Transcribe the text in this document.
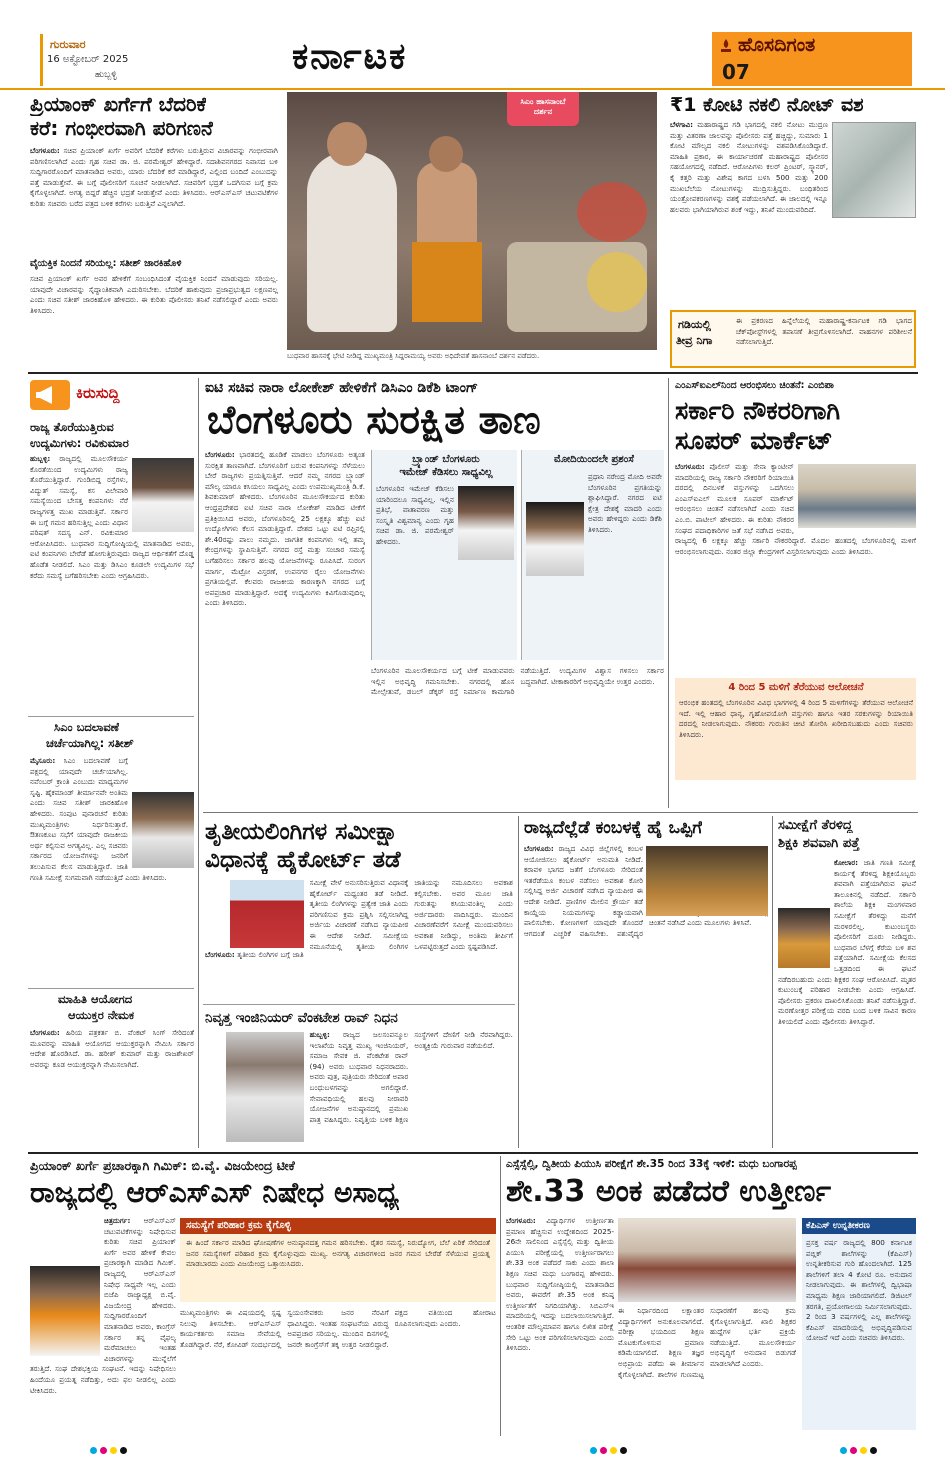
ಗುರುವಾರ
16 ಅಕ್ಟೋಬರ್ 2025
ಹುಬ್ಬಳ್ಳಿ	ಕರ್ನಾಟಕ	ಹೊಸದಿಗಂತ
07
ಪ್ರಿಯಾಂಕ್ ಖರ್ಗೆಗೆ ಬೆದರಿಕೆ
ಕರೆ: ಗಂಭೀರವಾಗಿ ಪರಿಗಣನೆ
ಬೆಂಗಳೂರು: ಸಚಿವ ಪ್ರಿಯಾಂಕ್ ಖರ್ಗೆ ಅವರಿಗೆ ಬೆದರಿಕೆ ಕರೆಗಳು ಬರುತ್ತಿರುವ ವಿಚಾರವನ್ನು ಗಂಭೀರವಾಗಿ ಪರಿಗಣಿಸಲಾಗಿದೆ ಎಂದು ಗೃಹ ಸಚಿವ ಡಾ. ಜಿ. ಪರಮೇಶ್ವರ್ ಹೇಳಿದ್ದಾರೆ. ಸದಾಶಿವನಗರದ ನಿವಾಸದ ಬಳಿ ಸುದ್ದಿಗಾರರೊಂದಿಗೆ ಮಾತನಾಡಿದ ಅವರು, ಯಾರು ಬೆದರಿಕೆ ಕರೆ ಮಾಡಿದ್ದಾರೆ, ಎಲ್ಲಿಂದ ಬಂದಿದೆ ಎಂಬುದನ್ನು ಪತ್ತೆ ಮಾಡುತ್ತೇವೆ. ಈ ಬಗ್ಗೆ ಪೊಲೀಸರಿಗೆ ಸೂಚನೆ ನೀಡಲಾಗಿದೆ. ಸಚಿವರಿಗೆ ಭದ್ರತೆ ಒದಗಿಸುವ ಬಗ್ಗೆ ಕ್ರಮ ಕೈಗೊಳ್ಳಲಾಗಿದೆ. ಅಗತ್ಯ ಬಿದ್ದರೆ ಹೆಚ್ಚಿನ ಭದ್ರತೆ ನೀಡುತ್ತೇವೆ ಎಂದು ತಿಳಿಸಿದರು. ಆರ್‌ಎಸ್‌ಎಸ್ ಚಟುವಟಿಕೆಗಳ ಕುರಿತು ಸಚಿವರು ಬರೆದ ಪತ್ರದ ಬಳಿಕ ಕರೆಗಳು ಬರುತ್ತಿವೆ ಎನ್ನಲಾಗಿದೆ.
ವೈಯಕ್ತಿಕ ನಿಂದನೆ ಸರಿಯಲ್ಲ: ಸತೀಶ್ ಜಾರಕಿಹೊಳಿ
ಸಚಿವ ಪ್ರಿಯಾಂಕ್ ಖರ್ಗೆ ಅವರ ಹೇಳಿಕೆಗೆ ಸಂಬಂಧಿಸಿದಂತೆ ವೈಯಕ್ತಿಕ ನಿಂದನೆ ಮಾಡುವುದು ಸರಿಯಲ್ಲ. ಯಾವುದೇ ವಿಚಾರವನ್ನು ಸೈದ್ಧಾಂತಿಕವಾಗಿ ಎದುರಿಸಬೇಕು. ಬೆದರಿಕೆ ಹಾಕುವುದು ಪ್ರಜಾಪ್ರಭುತ್ವದ ಲಕ್ಷಣವಲ್ಲ ಎಂದು ಸಚಿವ ಸತೀಶ್ ಜಾರಕಿಹೊಳಿ ಹೇಳಿದರು. ಈ ಕುರಿತು ಪೊಲೀಸರು ತನಿಖೆ ನಡೆಸಲಿದ್ದಾರೆ ಎಂದು ಅವರು ತಿಳಿಸಿದರು.
ಸಿಎಂ ಹಾಸನಾಂಬೆ
ದರ್ಶನ
ಬುಧವಾರ ಹಾಸನಕ್ಕೆ ಭೇಟಿ ನೀಡಿದ್ದ ಮುಖ್ಯಮಂತ್ರಿ ಸಿದ್ದರಾಮಯ್ಯ ಅವರು ಅಧಿದೇವತೆ ಹಾಸನಾಂಬೆ ದರ್ಶನ ಪಡೆದರು.
₹1 ಕೋಟಿ ನಕಲಿ ನೋಟ್ ವಶ
ಬೆಳಗಾವಿ: ಮಹಾರಾಷ್ಟ್ರದ ಗಡಿ ಭಾಗದಲ್ಲಿ ನಕಲಿ ನೋಟು ಮುದ್ರಣ ಮತ್ತು ವಿತರಣಾ ಜಾಲವನ್ನು ಪೊಲೀಸರು ಪತ್ತೆ ಹಚ್ಚಿದ್ದು, ಸುಮಾರು 1 ಕೋಟಿ ಮೌಲ್ಯದ ನಕಲಿ ನೋಟುಗಳನ್ನು ವಶಪಡಿಸಿಕೊಂಡಿದ್ದಾರೆ. ಮಾಹಿತಿ ಪ್ರಕಾರ, ಈ ಕಾರ್ಯಾಚರಣೆ ಮಹಾರಾಷ್ಟ್ರದ ಪೊಲೀಸರ ಸಹಯೋಗದಲ್ಲಿ ನಡೆದಿದೆ. ಆರೋಪಿಗಳು ಕಲರ್ ಪ್ರಿಂಟರ್, ಸ್ಕ್ಯಾನರ್, ಕೈ ಕತ್ತರಿ ಮತ್ತು ವಿಶೇಷ ಕಾಗದ ಬಳಸಿ 500 ಮತ್ತು 200 ಮುಖಬೆಲೆಯ ನೋಟುಗಳನ್ನು ಮುದ್ರಿಸುತ್ತಿದ್ದರು. ಬಂಧಿತರಿಂದ ಯಂತ್ರೋಪಕರಣಗಳನ್ನು ವಶಕ್ಕೆ ಪಡೆಯಲಾಗಿದೆ. ಈ ಜಾಲದಲ್ಲಿ ಇನ್ನೂ ಹಲವರು ಭಾಗಿಯಾಗಿರುವ ಶಂಕೆ ಇದ್ದು, ತನಿಖೆ ಮುಂದುವರಿದಿದೆ.
ಗಡಿಯಲ್ಲಿ
ತೀವ್ರ ನಿಗಾ
ಈ ಪ್ರಕರಣದ ಹಿನ್ನೆಲೆಯಲ್ಲಿ ಮಹಾರಾಷ್ಟ್ರ-ಕರ್ನಾಟಕ ಗಡಿ ಭಾಗದ ಚೆಕ್‌ಪೋಸ್ಟ್‌ಗಳಲ್ಲಿ ತಪಾಸಣೆ ತೀವ್ರಗೊಳಿಸಲಾಗಿದೆ. ವಾಹನಗಳ ಪರಿಶೀಲನೆ ನಡೆಸಲಾಗುತ್ತಿದೆ.
ಕಿರುಸುದ್ದಿ
ರಾಜ್ಯ ತೊರೆಯುತ್ತಿರುವ
ಉದ್ಯಮಿಗಳು: ರವಿಕುಮಾರ
ಹುಬ್ಬಳ್ಳಿ: ರಾಜ್ಯದಲ್ಲಿ ಮೂಲಸೌಕರ್ಯ ಕೊರತೆಯಿಂದ ಉದ್ಯಮಿಗಳು ರಾಜ್ಯ ತೊರೆಯುತ್ತಿದ್ದಾರೆ. ಗುಂಡಿಬಿದ್ದ ರಸ್ತೆಗಳು, ವಿದ್ಯುತ್ ಸಮಸ್ಯೆ, ಕಸ ವಿಲೇವಾರಿ ಸಮಸ್ಯೆಯಿಂದ ಬೇಸತ್ತ ಕಂಪನಿಗಳು ನೆರೆ ರಾಜ್ಯಗಳತ್ತ ಮುಖ ಮಾಡುತ್ತಿವೆ. ಸರ್ಕಾರ ಈ ಬಗ್ಗೆ ಗಮನ ಹರಿಸುತ್ತಿಲ್ಲ ಎಂದು ವಿಧಾನ ಪರಿಷತ್ ಸದಸ್ಯ ಎನ್. ರವಿಕುಮಾರ ಆರೋಪಿಸಿದರು. ಬುಧವಾರ ಸುದ್ದಿಗೋಷ್ಠಿಯಲ್ಲಿ ಮಾತನಾಡಿದ ಅವರು, ಐಟಿ ಕಂಪನಿಗಳು ಬೇರೆಡೆ ಹೋಗುತ್ತಿರುವುದು ರಾಜ್ಯದ ಆರ್ಥಿಕತೆಗೆ ದೊಡ್ಡ ಹೊಡೆತ ನೀಡಲಿದೆ. ಸಿಎಂ ಮತ್ತು ಡಿಸಿಎಂ ಕೂಡಲೇ ಉದ್ಯಮಿಗಳ ಸಭೆ ಕರೆದು ಸಮಸ್ಯೆ ಬಗೆಹರಿಸಬೇಕು ಎಂದು ಆಗ್ರಹಿಸಿದರು.
ಸಿಎಂ ಬದಲಾವಣೆ
ಚರ್ಚೆಯಾಗಿಲ್ಲ: ಸತೀಶ್
ಮೈಸೂರು: ಸಿಎಂ ಬದಲಾವಣೆ ಬಗ್ಗೆ ಪಕ್ಷದಲ್ಲಿ ಯಾವುದೇ ಚರ್ಚೆಯಾಗಿಲ್ಲ. ನವೆಂಬರ್ ಕ್ರಾಂತಿ ಎಂಬುದು ಮಾಧ್ಯಮಗಳ ಸೃಷ್ಟಿ. ಹೈಕಮಾಂಡ್ ತೀರ್ಮಾನವೇ ಅಂತಿಮ ಎಂದು ಸಚಿವ ಸತೀಶ್ ಜಾರಕಿಹೊಳಿ ಹೇಳಿದರು. ಸಂಪುಟ ಪುನಾರಚನೆ ಕುರಿತು ಮುಖ್ಯಮಂತ್ರಿಗಳು ನಿರ್ಧರಿಸುತ್ತಾರೆ. ಔತಣಕೂಟ ಸಭೆಗೆ ಯಾವುದೇ ರಾಜಕೀಯ ಅರ್ಥ ಕಲ್ಪಿಸುವ ಅಗತ್ಯವಿಲ್ಲ. ಎಲ್ಲ ಸಚಿವರು ಸರ್ಕಾರದ ಯೋಜನೆಗಳನ್ನು ಜನರಿಗೆ ತಲುಪಿಸುವ ಕೆಲಸ ಮಾಡುತ್ತಿದ್ದಾರೆ. ಜಾತಿ ಗಣತಿ ಸಮೀಕ್ಷೆ ಸುಗಮವಾಗಿ ನಡೆಯುತ್ತಿದೆ ಎಂದು ತಿಳಿಸಿದರು.
ಮಾಹಿತಿ ಆಯೋಗದ
ಆಯುಕ್ತರ ನೇಮಕ
ಬೆಂಗಳೂರು: ಹಿರಿಯ ಪತ್ರಕರ್ತ ಬಿ. ವೆಂಕಟ್ ಸಿಂಗ್ ಸೇರಿದಂತೆ ಮೂವರನ್ನು ಮಾಹಿತಿ ಆಯೋಗದ ಆಯುಕ್ತರನ್ನಾಗಿ ನೇಮಿಸಿ ಸರ್ಕಾರ ಆದೇಶ ಹೊರಡಿಸಿದೆ. ಡಾ. ಹರೀಶ್ ಕುಮಾರ್ ಮತ್ತು ರಾಜಶೇಖರ್ ಅವರನ್ನು ಕೂಡ ಆಯುಕ್ತರನ್ನಾಗಿ ನೇಮಿಸಲಾಗಿದೆ.
ಐಟಿ ಸಚಿವ ನಾರಾ ಲೋಕೇಶ್ ಹೇಳಿಕೆಗೆ ಡಿಸಿಎಂ ಡಿಕೆಶಿ ಟಾಂಗ್
ಬೆಂಗಳೂರು ಸುರಕ್ಷಿತ ತಾಣ
ಬೆಂಗಳೂರು: ಭಾರತದಲ್ಲಿ ಹೂಡಿಕೆ ಮಾಡಲು ಬೆಂಗಳೂರು ಅತ್ಯಂತ ಸುರಕ್ಷಿತ ತಾಣವಾಗಿದೆ. ಬೆಂಗಳೂರಿಗೆ ಬರುವ ಕಂಪನಿಗಳನ್ನು ಸೆಳೆಯಲು ಬೇರೆ ರಾಜ್ಯಗಳು ಪ್ರಯತ್ನಿಸುತ್ತಿವೆ. ಆದರೆ ನಮ್ಮ ನಗರದ ಬ್ರ್ಯಾಂಡ್ ಮೌಲ್ಯ ಯಾರೂ ಕಸಿಯಲು ಸಾಧ್ಯವಿಲ್ಲ ಎಂದು ಉಪಮುಖ್ಯಮಂತ್ರಿ ಡಿ.ಕೆ. ಶಿವಕುಮಾರ್ ಹೇಳಿದರು. ಬೆಂಗಳೂರಿನ ಮೂಲಸೌಕರ್ಯದ ಕುರಿತು ಆಂಧ್ರಪ್ರದೇಶದ ಐಟಿ ಸಚಿವ ನಾರಾ ಲೋಕೇಶ್ ಮಾಡಿದ ಟೀಕೆಗೆ ಪ್ರತಿಕ್ರಿಯಿಸಿದ ಅವರು, ಬೆಂಗಳೂರಿನಲ್ಲಿ 25 ಲಕ್ಷಕ್ಕೂ ಹೆಚ್ಚು ಐಟಿ ಉದ್ಯೋಗಿಗಳು ಕೆಲಸ ಮಾಡುತ್ತಿದ್ದಾರೆ. ದೇಶದ ಒಟ್ಟು ಐಟಿ ರಫ್ತಿನಲ್ಲಿ ಶೇ.40ರಷ್ಟು ಪಾಲು ನಮ್ಮದು. ಜಾಗತಿಕ ಕಂಪನಿಗಳು ಇಲ್ಲಿ ತಮ್ಮ ಕೇಂದ್ರಗಳನ್ನು ಸ್ಥಾಪಿಸುತ್ತಿವೆ. ನಗರದ ರಸ್ತೆ ಮತ್ತು ಸಂಚಾರ ಸಮಸ್ಯೆ ಬಗೆಹರಿಸಲು ಸರ್ಕಾರ ಹಲವು ಯೋಜನೆಗಳನ್ನು ರೂಪಿಸಿದೆ. ಸುರಂಗ ಮಾರ್ಗ, ಮೆಟ್ರೋ ವಿಸ್ತರಣೆ, ಉಪನಗರ ರೈಲು ಯೋಜನೆಗಳು ಪ್ರಗತಿಯಲ್ಲಿವೆ. ಕೆಲವರು ರಾಜಕೀಯ ಕಾರಣಕ್ಕಾಗಿ ನಗರದ ಬಗ್ಗೆ ಅಪಪ್ರಚಾರ ಮಾಡುತ್ತಿದ್ದಾರೆ. ಅದಕ್ಕೆ ಉದ್ಯಮಿಗಳು ಕಿವಿಗೊಡುವುದಿಲ್ಲ ಎಂದು ತಿಳಿಸಿದರು.
ಬ್ರ್ಯಾಂಡ್ ಬೆಂಗಳೂರು
ಇಮೇಜ್ ಕೆಡಿಸಲು ಸಾಧ್ಯವಿಲ್ಲ
ಬೆಂಗಳೂರಿನ ಇಮೇಜ್ ಕೆಡಿಸಲು ಯಾರಿಂದಲೂ ಸಾಧ್ಯವಿಲ್ಲ. ಇಲ್ಲಿನ ಪ್ರತಿಭೆ, ವಾತಾವರಣ ಮತ್ತು ಸಂಸ್ಕೃತಿ ವಿಶ್ವಮಾನ್ಯ ಎಂದು ಗೃಹ ಸಚಿವ ಡಾ. ಜಿ. ಪರಮೇಶ್ವರ್ ಹೇಳಿದರು.
ಮೋದಿಯಿಂದಲೇ ಪ್ರಶಂಸೆ
ಪ್ರಧಾನಿ ನರೇಂದ್ರ ಮೋದಿ ಅವರೇ ಬೆಂಗಳೂರಿನ ಪ್ರಗತಿಯನ್ನು ಶ್ಲಾಘಿಸಿದ್ದಾರೆ. ನಗರದ ಐಟಿ ಕ್ಷೇತ್ರ ದೇಶಕ್ಕೆ ಮಾದರಿ ಎಂದು ಅವರು ಹೇಳಿದ್ದರು ಎಂದು ಡಿಕೆಶಿ ತಿಳಿಸಿದರು.
ಬೆಂಗಳೂರಿನ ಮೂಲಸೌಕರ್ಯದ ಬಗ್ಗೆ ಟೀಕೆ ಮಾಡುವವರು ಇಲ್ಲಿನ ಅಭಿವೃದ್ಧಿ ಗಮನಿಸಬೇಕು. ನಗರದಲ್ಲಿ ಹೊಸ ಮೇಲ್ಸೇತುವೆ, ಡಬಲ್ ಡೆಕ್ಕರ್ ರಸ್ತೆ ನಿರ್ಮಾಣ ಕಾಮಗಾರಿ ನಡೆಯುತ್ತಿದೆ. ಉದ್ಯಮಿಗಳ ವಿಶ್ವಾಸ ಗಳಿಸಲು ಸರ್ಕಾರ ಬದ್ಧವಾಗಿದೆ. ಟೀಕಾಕಾರರಿಗೆ ಅಭಿವೃದ್ಧಿಯೇ ಉತ್ತರ ಎಂದರು.
ಎಂಎಸ್‌ಐಎಲ್‌ನಿಂದ ಆರಂಭಿಸಲು ಚಿಂತನೆ: ಎಂಬಿಪಾ
ಸರ್ಕಾರಿ ನೌಕರರಿಗಾಗಿ
ಸೂಪರ್ ಮಾರ್ಕೆಟ್
ಬೆಂಗಳೂರು: ಪೊಲೀಸ್ ಮತ್ತು ಸೇನಾ ಕ್ಯಾಂಟೀನ್ ಮಾದರಿಯಲ್ಲಿ ರಾಜ್ಯ ಸರ್ಕಾರಿ ನೌಕರರಿಗೆ ರಿಯಾಯಿತಿ ದರದಲ್ಲಿ ದಿನಬಳಕೆ ವಸ್ತುಗಳನ್ನು ಒದಗಿಸಲು ಎಂಎಸ್‌ಐಎಲ್ ಮೂಲಕ ಸೂಪರ್ ಮಾರ್ಕೆಟ್ ಆರಂಭಿಸಲು ಚಿಂತನೆ ನಡೆಸಲಾಗಿದೆ ಎಂದು ಸಚಿವ ಎಂ.ಬಿ. ಪಾಟೀಲ್ ಹೇಳಿದರು. ಈ ಕುರಿತು ನೌಕರರ ಸಂಘದ ಪದಾಧಿಕಾರಿಗಳ ಜತೆ ಸಭೆ ನಡೆಸಿದ ಅವರು, ರಾಜ್ಯದಲ್ಲಿ 6 ಲಕ್ಷಕ್ಕೂ ಹೆಚ್ಚು ಸರ್ಕಾರಿ ನೌಕರರಿದ್ದಾರೆ. ಮೊದಲ ಹಂತದಲ್ಲಿ ಬೆಂಗಳೂರಿನಲ್ಲಿ ಮಳಿಗೆ ಆರಂಭಿಸಲಾಗುವುದು. ನಂತರ ಜಿಲ್ಲಾ ಕೇಂದ್ರಗಳಿಗೆ ವಿಸ್ತರಿಸಲಾಗುವುದು ಎಂದು ತಿಳಿಸಿದರು.
4 ರಿಂದ 5 ಮಳಿಗೆ ತೆರೆಯುವ ಆಲೋಚನೆ
ಆರಂಭಿಕ ಹಂತದಲ್ಲಿ ಬೆಂಗಳೂರಿನ ವಿವಿಧ ಭಾಗಗಳಲ್ಲಿ 4 ರಿಂದ 5 ಮಳಿಗೆಗಳನ್ನು ತೆರೆಯುವ ಆಲೋಚನೆ ಇದೆ. ಇಲ್ಲಿ ಆಹಾರ ಧಾನ್ಯ, ಗೃಹೋಪಯೋಗಿ ವಸ್ತುಗಳು ಹಾಗೂ ಇತರ ಸರಕುಗಳನ್ನು ರಿಯಾಯಿತಿ ದರದಲ್ಲಿ ನೀಡಲಾಗುವುದು. ನೌಕರರು ಗುರುತಿನ ಚೀಟಿ ತೋರಿಸಿ ಖರೀದಿಸಬಹುದು ಎಂದು ಸಚಿವರು ತಿಳಿಸಿದರು.
ತೃತೀಯಲಿಂಗಿಗಳ ಸಮೀಕ್ಷಾ
ವಿಧಾನಕ್ಕೆ ಹೈಕೋರ್ಟ್ ತಡೆ
ಬೆಂಗಳೂರು: ತೃತೀಯ ಲಿಂಗಿಗಳ ಬಗ್ಗೆ ಜಾತಿ ಸಮೀಕ್ಷೆ ವೇಳೆ ಅನುಸರಿಸುತ್ತಿರುವ ವಿಧಾನಕ್ಕೆ ಹೈಕೋರ್ಟ್ ಮಧ್ಯಂತರ ತಡೆ ನೀಡಿದೆ. ತೃತೀಯ ಲಿಂಗಿಗಳನ್ನು ಪ್ರತ್ಯೇಕ ಜಾತಿ ಎಂದು ಪರಿಗಣಿಸುವ ಕ್ರಮ ಪ್ರಶ್ನಿಸಿ ಸಲ್ಲಿಸಲಾಗಿದ್ದ ಅರ್ಜಿಯ ವಿಚಾರಣೆ ನಡೆಸಿದ ನ್ಯಾಯಪೀಠ ಈ ಆದೇಶ ನೀಡಿದೆ. ಸಮೀಕ್ಷೆಯ ನಮೂನೆಯಲ್ಲಿ ತೃತೀಯ ಲಿಂಗಿಗಳ ಜಾತಿಯನ್ನು ನಮೂದಿಸಲು ಅವಕಾಶ ಕಲ್ಪಿಸಬೇಕು. ಅವರ ಮೂಲ ಜಾತಿ ಗುರುತನ್ನು ಕಸಿಯುವಂತಿಲ್ಲ ಎಂದು ಅರ್ಜಿದಾರರು ವಾದಿಸಿದ್ದರು. ಮುಂದಿನ ವಿಚಾರಣೆವರೆಗೆ ಸಮೀಕ್ಷೆ ಮುಂದುವರಿಸಲು ಅವಕಾಶ ನೀಡಿದ್ದು, ಅಂತಿಮ ತೀರ್ಪಿಗೆ ಒಳಪಟ್ಟಿರುತ್ತದೆ ಎಂದು ಸ್ಪಷ್ಟಪಡಿಸಿದೆ.
ನಿವೃತ್ತ ಇಂಜಿನಿಯರ್ ವೆಂಕಟೇಶ ರಾವ್ ನಿಧನ
ಹುಬ್ಬಳ್ಳಿ: ರಾಜ್ಯದ ಜಲಸಂಪನ್ಮೂಲ ಇಲಾಖೆಯ ನಿವೃತ್ತ ಮುಖ್ಯ ಇಂಜಿನಿಯರ್, ಸಮಾಜ ಸೇವಕ ಜಿ. ವೆಂಕಟೇಶ ರಾವ್ (94) ಅವರು ಬುಧವಾರ ನಿಧನರಾದರು. ಅವರು ಪುತ್ರ, ಪುತ್ರಿಯರು ಸೇರಿದಂತೆ ಅಪಾರ ಬಂಧುಬಳಗವನ್ನು ಅಗಲಿದ್ದಾರೆ. ಸೇವಾವಧಿಯಲ್ಲಿ ಹಲವು ನೀರಾವರಿ ಯೋಜನೆಗಳ ಅನುಷ್ಠಾನದಲ್ಲಿ ಪ್ರಮುಖ ಪಾತ್ರ ವಹಿಸಿದ್ದರು. ನಿವೃತ್ತಿಯ ಬಳಿಕ ಶಿಕ್ಷಣ ಸಂಸ್ಥೆಗಳಿಗೆ ದೇಣಿಗೆ ನೀಡಿ ನೆರವಾಗಿದ್ದರು. ಅಂತ್ಯಕ್ರಿಯೆ ಗುರುವಾರ ನಡೆಯಲಿದೆ.
ರಾಜ್ಯದೆಲ್ಲೆಡೆ ಕಂಬಳಕ್ಕೆ ಹೈ ಒಪ್ಪಿಗೆ
ಬೆಂಗಳೂರು: ರಾಜ್ಯದ ವಿವಿಧ ಜಿಲ್ಲೆಗಳಲ್ಲಿ ಕಂಬಳ ಆಯೋಜಿಸಲು ಹೈಕೋರ್ಟ್ ಅನುಮತಿ ನೀಡಿದೆ. ಕರಾವಳಿ ಭಾಗದ ಜತೆಗೆ ಬೆಂಗಳೂರು ಸೇರಿದಂತೆ ಇತರೆಡೆಯೂ ಕಂಬಳ ನಡೆಸಲು ಅವಕಾಶ ಕೋರಿ ಸಲ್ಲಿಸಿದ್ದ ಅರ್ಜಿ ವಿಚಾರಣೆ ನಡೆಸಿದ ನ್ಯಾಯಪೀಠ ಈ ಆದೇಶ ನೀಡಿದೆ. ಪ್ರಾಣಿಗಳ ಮೇಲಿನ ಕ್ರೌರ್ಯ ತಡೆ ಕಾಯ್ದೆಯ ನಿಯಮಗಳನ್ನು ಕಡ್ಡಾಯವಾಗಿ ಪಾಲಿಸಬೇಕು. ಕೋಣಗಳಿಗೆ ಯಾವುದೇ ತೊಂದರೆ ಆಗದಂತೆ ಎಚ್ಚರಿಕೆ ವಹಿಸಬೇಕು. ಪಶುವೈದ್ಯರ ಚಿಂತನೆ ನಡೆಸಿದೆ ಎಂದು ಮೂಲಗಳು ತಿಳಿಸಿವೆ.
ಸಮೀಕ್ಷೆಗೆ ತೆರಳಿದ್ದ
ಶಿಕ್ಷಕಿ ಶವವಾಗಿ ಪತ್ತೆ
ಕೋಲಾರ: ಜಾತಿ ಗಣತಿ ಸಮೀಕ್ಷೆ ಕಾರ್ಯಕ್ಕೆ ತೆರಳಿದ್ದ ಶಿಕ್ಷಕಿಯೊಬ್ಬರು ಶವವಾಗಿ ಪತ್ತೆಯಾಗಿರುವ ಘಟನೆ ತಾಲೂಕಿನಲ್ಲಿ ನಡೆದಿದೆ. ಸರ್ಕಾರಿ ಶಾಲೆಯ ಶಿಕ್ಷಕಿ ಮಂಗಳವಾರ ಸಮೀಕ್ಷೆಗೆ ತೆರಳಿದ್ದು ಮನೆಗೆ ಮರಳಿರಲಿಲ್ಲ. ಕುಟುಂಬಸ್ಥರು ಪೊಲೀಸರಿಗೆ ದೂರು ನೀಡಿದ್ದರು. ಬುಧವಾರ ಬೆಳಗ್ಗೆ ಕೆರೆಯ ಬಳಿ ಶವ ಪತ್ತೆಯಾಗಿದೆ. ಸಮೀಕ್ಷೆಯ ಕೆಲಸದ ಒತ್ತಡದಿಂದ ಈ ಘಟನೆ ನಡೆದಿರಬಹುದು ಎಂದು ಶಿಕ್ಷಕರ ಸಂಘ ಆರೋಪಿಸಿದೆ. ಮೃತರ ಕುಟುಂಬಕ್ಕೆ ಪರಿಹಾರ ನೀಡಬೇಕು ಎಂದು ಆಗ್ರಹಿಸಿದೆ. ಪೊಲೀಸರು ಪ್ರಕರಣ ದಾಖಲಿಸಿಕೊಂಡು ತನಿಖೆ ನಡೆಸುತ್ತಿದ್ದಾರೆ. ಮರಣೋತ್ತರ ಪರೀಕ್ಷೆಯ ವರದಿ ಬಂದ ಬಳಿಕ ಸಾವಿನ ಕಾರಣ ತಿಳಿಯಲಿದೆ ಎಂದು ಪೊಲೀಸರು ತಿಳಿಸಿದ್ದಾರೆ.
ಪ್ರಿಯಾಂಕ್ ಖರ್ಗೆ ಪ್ರಚಾರಕ್ಕಾಗಿ ಗಿಮಿಕ್: ಬಿ.ವೈ. ವಿಜಯೇಂದ್ರ ಟೀಕೆ
ರಾಜ್ಯದಲ್ಲಿ ಆರ್‌ಎಸ್‌ಎಸ್ ನಿಷೇಧ ಅಸಾಧ್ಯ
ಚಿತ್ರದುರ್ಗ: ಆರ್‌ಎಸ್‌ಎಸ್ ಚಟುವಟಿಕೆಗಳನ್ನು ನಿಷೇಧಿಸುವ ಕುರಿತು ಸಚಿವ ಪ್ರಿಯಾಂಕ್ ಖರ್ಗೆ ಅವರ ಹೇಳಿಕೆ ಕೇವಲ ಪ್ರಚಾರಕ್ಕಾಗಿ ಮಾಡಿದ ಗಿಮಿಕ್. ರಾಜ್ಯದಲ್ಲಿ ಆರ್‌ಎಸ್‌ಎಸ್ ನಿಷೇಧ ಸಾಧ್ಯವೇ ಇಲ್ಲ ಎಂದು ಬಿಜೆಪಿ ರಾಜ್ಯಾಧ್ಯಕ್ಷ ಬಿ.ವೈ. ವಿಜಯೇಂದ್ರ ಹೇಳಿದರು. ಸುದ್ದಿಗಾರರೊಂದಿಗೆ ಮಾತನಾಡಿದ ಅವರು, ಕಾಂಗ್ರೆಸ್ ಸರ್ಕಾರ ತನ್ನ ವೈಫಲ್ಯ ಮರೆಮಾಚಲು ಇಂತಹ ವಿಚಾರಗಳನ್ನು ಮುನ್ನೆಲೆಗೆ ತರುತ್ತಿದೆ. ಸಂಘ ದೇಶಭಕ್ತಿಯ ಸಂಘಟನೆ. ಇದನ್ನು ನಿಷೇಧಿಸಲು ಹಿಂದೆಯೂ ಪ್ರಯತ್ನ ನಡೆದಿತ್ತು, ಅದು ಫಲ ನೀಡಲಿಲ್ಲ ಎಂದು ಟೀಕಿಸಿದರು.
ಸಮಸ್ಯೆಗೆ ಪರಿಹಾರ ಕ್ರಮ ಕೈಗೊಳ್ಳಿ
ಈ ಹಿಂದೆ ಸರ್ಕಾರ ಮಾಡಿದ ಘೋಷಣೆಗಳ ಅನುಷ್ಠಾನದತ್ತ ಗಮನ ಹರಿಸಬೇಕು. ರೈತರ ಸಮಸ್ಯೆ, ನಿರುದ್ಯೋಗ, ಬೆಲೆ ಏರಿಕೆ ಸೇರಿದಂತೆ ಜನರ ಸಮಸ್ಯೆಗಳಿಗೆ ಪರಿಹಾರ ಕ್ರಮ ಕೈಗೊಳ್ಳುವುದು ಮುಖ್ಯ. ಅನಗತ್ಯ ವಿಚಾರಗಳಿಂದ ಜನರ ಗಮನ ಬೇರೆಡೆ ಸೆಳೆಯುವ ಪ್ರಯತ್ನ ಮಾಡಬಾರದು ಎಂದು ವಿಜಯೇಂದ್ರ ಒತ್ತಾಯಿಸಿದರು.
ಮುಖ್ಯಮಂತ್ರಿಗಳು ಈ ವಿಷಯದಲ್ಲಿ ಸ್ಪಷ್ಟ ನಿಲುವು ತಿಳಿಸಬೇಕು. ಆರ್‌ಎಸ್‌ಎಸ್ ಕಾರ್ಯಕರ್ತರು ಸಮಾಜ ಸೇವೆಯಲ್ಲಿ ತೊಡಗಿದ್ದಾರೆ. ನೆರೆ, ಕೋವಿಡ್ ಸಂದರ್ಭದಲ್ಲಿ ಸ್ವಯಂಸೇವಕರು ಜನರ ನೆರವಿಗೆ ಧಾವಿಸಿದ್ದರು. ಇಂತಹ ಸಂಘಟನೆಯ ವಿರುದ್ಧ ಅಪಪ್ರಚಾರ ಸರಿಯಲ್ಲ. ಮುಂದಿನ ದಿನಗಳಲ್ಲಿ ಜನರೇ ಕಾಂಗ್ರೆಸ್‌ಗೆ ತಕ್ಕ ಉತ್ತರ ನೀಡಲಿದ್ದಾರೆ. ಪಕ್ಷದ ವತಿಯಿಂದ ಹೋರಾಟ ರೂಪಿಸಲಾಗುವುದು ಎಂದರು.
ಎಸ್ಸೆಸ್ಸೆಲ್ಸಿ, ದ್ವಿತೀಯ ಪಿಯುಸಿ ಪರೀಕ್ಷೆಗೆ ಶೇ.35 ರಿಂದ 33ಕ್ಕೆ ಇಳಿಕೆ: ಮಧು ಬಂಗಾರಪ್ಪ
ಶೇ.33 ಅಂಕ ಪಡೆದರೆ ಉತ್ತೀರ್ಣ
ಬೆಂಗಳೂರು: ವಿದ್ಯಾರ್ಥಿಗಳ ಉತ್ತೀರ್ಣತಾ ಪ್ರಮಾಣ ಹೆಚ್ಚಿಸುವ ಉದ್ದೇಶದಿಂದ 2025-26ನೇ ಸಾಲಿನಿಂದ ಎಸ್ಸೆಸ್ಸೆಲ್ಸಿ ಮತ್ತು ದ್ವಿತೀಯ ಪಿಯುಸಿ ಪರೀಕ್ಷೆಯಲ್ಲಿ ಉತ್ತೀರ್ಣರಾಗಲು ಶೇ.33 ಅಂಕ ಪಡೆದರೆ ಸಾಕು ಎಂದು ಶಾಲಾ ಶಿಕ್ಷಣ ಸಚಿವ ಮಧು ಬಂಗಾರಪ್ಪ ಹೇಳಿದರು. ಬುಧವಾರ ಸುದ್ದಿಗೋಷ್ಠಿಯಲ್ಲಿ ಮಾತನಾಡಿದ ಅವರು, ಈವರೆಗೆ ಶೇ.35 ಅಂಕ ಕನಿಷ್ಠ ಉತ್ತೀರ್ಣತೆಗೆ ನಿಗದಿಯಾಗಿತ್ತು. ಸಿಬಿಎಸ್‌ಇ ಮಾದರಿಯಲ್ಲಿ ಇದನ್ನು ಬದಲಾಯಿಸಲಾಗುತ್ತಿದೆ. ಆಂತರಿಕ ಮೌಲ್ಯಮಾಪನ ಹಾಗೂ ಲಿಖಿತ ಪರೀಕ್ಷೆ ಸೇರಿ ಒಟ್ಟು ಅಂಕ ಪರಿಗಣಿಸಲಾಗುವುದು ಎಂದು ತಿಳಿಸಿದರು.
ಈ ನಿರ್ಧಾರದಿಂದ ಲಕ್ಷಾಂತರ ವಿದ್ಯಾರ್ಥಿಗಳಿಗೆ ಅನುಕೂಲವಾಗಲಿದೆ. ಪರೀಕ್ಷಾ ಭಯದಿಂದ ಶಿಕ್ಷಣ ಮೊಟಕುಗೊಳಿಸುವ ಪ್ರಮಾಣ ಕಡಿಮೆಯಾಗಲಿದೆ. ಶಿಕ್ಷಣ ತಜ್ಞರ ಅಭಿಪ್ರಾಯ ಪಡೆದು ಈ ತೀರ್ಮಾನ ಕೈಗೊಳ್ಳಲಾಗಿದೆ. ಶಾಲೆಗಳ ಗುಣಮಟ್ಟ ಸುಧಾರಣೆಗೆ ಹಲವು ಕ್ರಮ ಕೈಗೊಳ್ಳಲಾಗುತ್ತಿದೆ. ಖಾಲಿ ಶಿಕ್ಷಕರ ಹುದ್ದೆಗಳ ಭರ್ತಿ ಪ್ರಕ್ರಿಯೆ ನಡೆಯುತ್ತಿದೆ. ಮೂಲಸೌಕರ್ಯ ಅಭಿವೃದ್ಧಿಗೆ ಅನುದಾನ ಬಿಡುಗಡೆ ಮಾಡಲಾಗಿದೆ ಎಂದರು.
ಕೆಪಿಎಸ್ ಉನ್ನತೀಕರಣ
ಪ್ರಸಕ್ತ ವರ್ಷ ರಾಜ್ಯದಲ್ಲಿ 800 ಕರ್ನಾಟಕ ಪಬ್ಲಿಕ್ ಶಾಲೆಗಳನ್ನು (ಕೆಪಿಎಸ್) ಉನ್ನತೀಕರಿಸುವ ಗುರಿ ಹೊಂದಲಾಗಿದೆ. 125 ಶಾಲೆಗಳಿಗೆ ತಲಾ 4 ಕೋಟಿ ರೂ. ಅನುದಾನ ನೀಡಲಾಗುವುದು. ಈ ಶಾಲೆಗಳಲ್ಲಿ ದ್ವಿಭಾಷಾ ಮಾಧ್ಯಮ ಶಿಕ್ಷಣ ಜಾರಿಯಾಗಲಿದೆ. ಡಿಜಿಟಲ್ ತರಗತಿ, ಪ್ರಯೋಗಾಲಯ ನಿರ್ಮಿಸಲಾಗುವುದು. 2 ರಿಂದ 3 ವರ್ಷಗಳಲ್ಲಿ ಎಲ್ಲ ಶಾಲೆಗಳನ್ನು ಕೆಪಿಎಸ್ ಮಾದರಿಯಲ್ಲಿ ಅಭಿವೃದ್ಧಿಪಡಿಸುವ ಯೋಜನೆ ಇದೆ ಎಂದು ಸಚಿವರು ತಿಳಿಸಿದರು.
